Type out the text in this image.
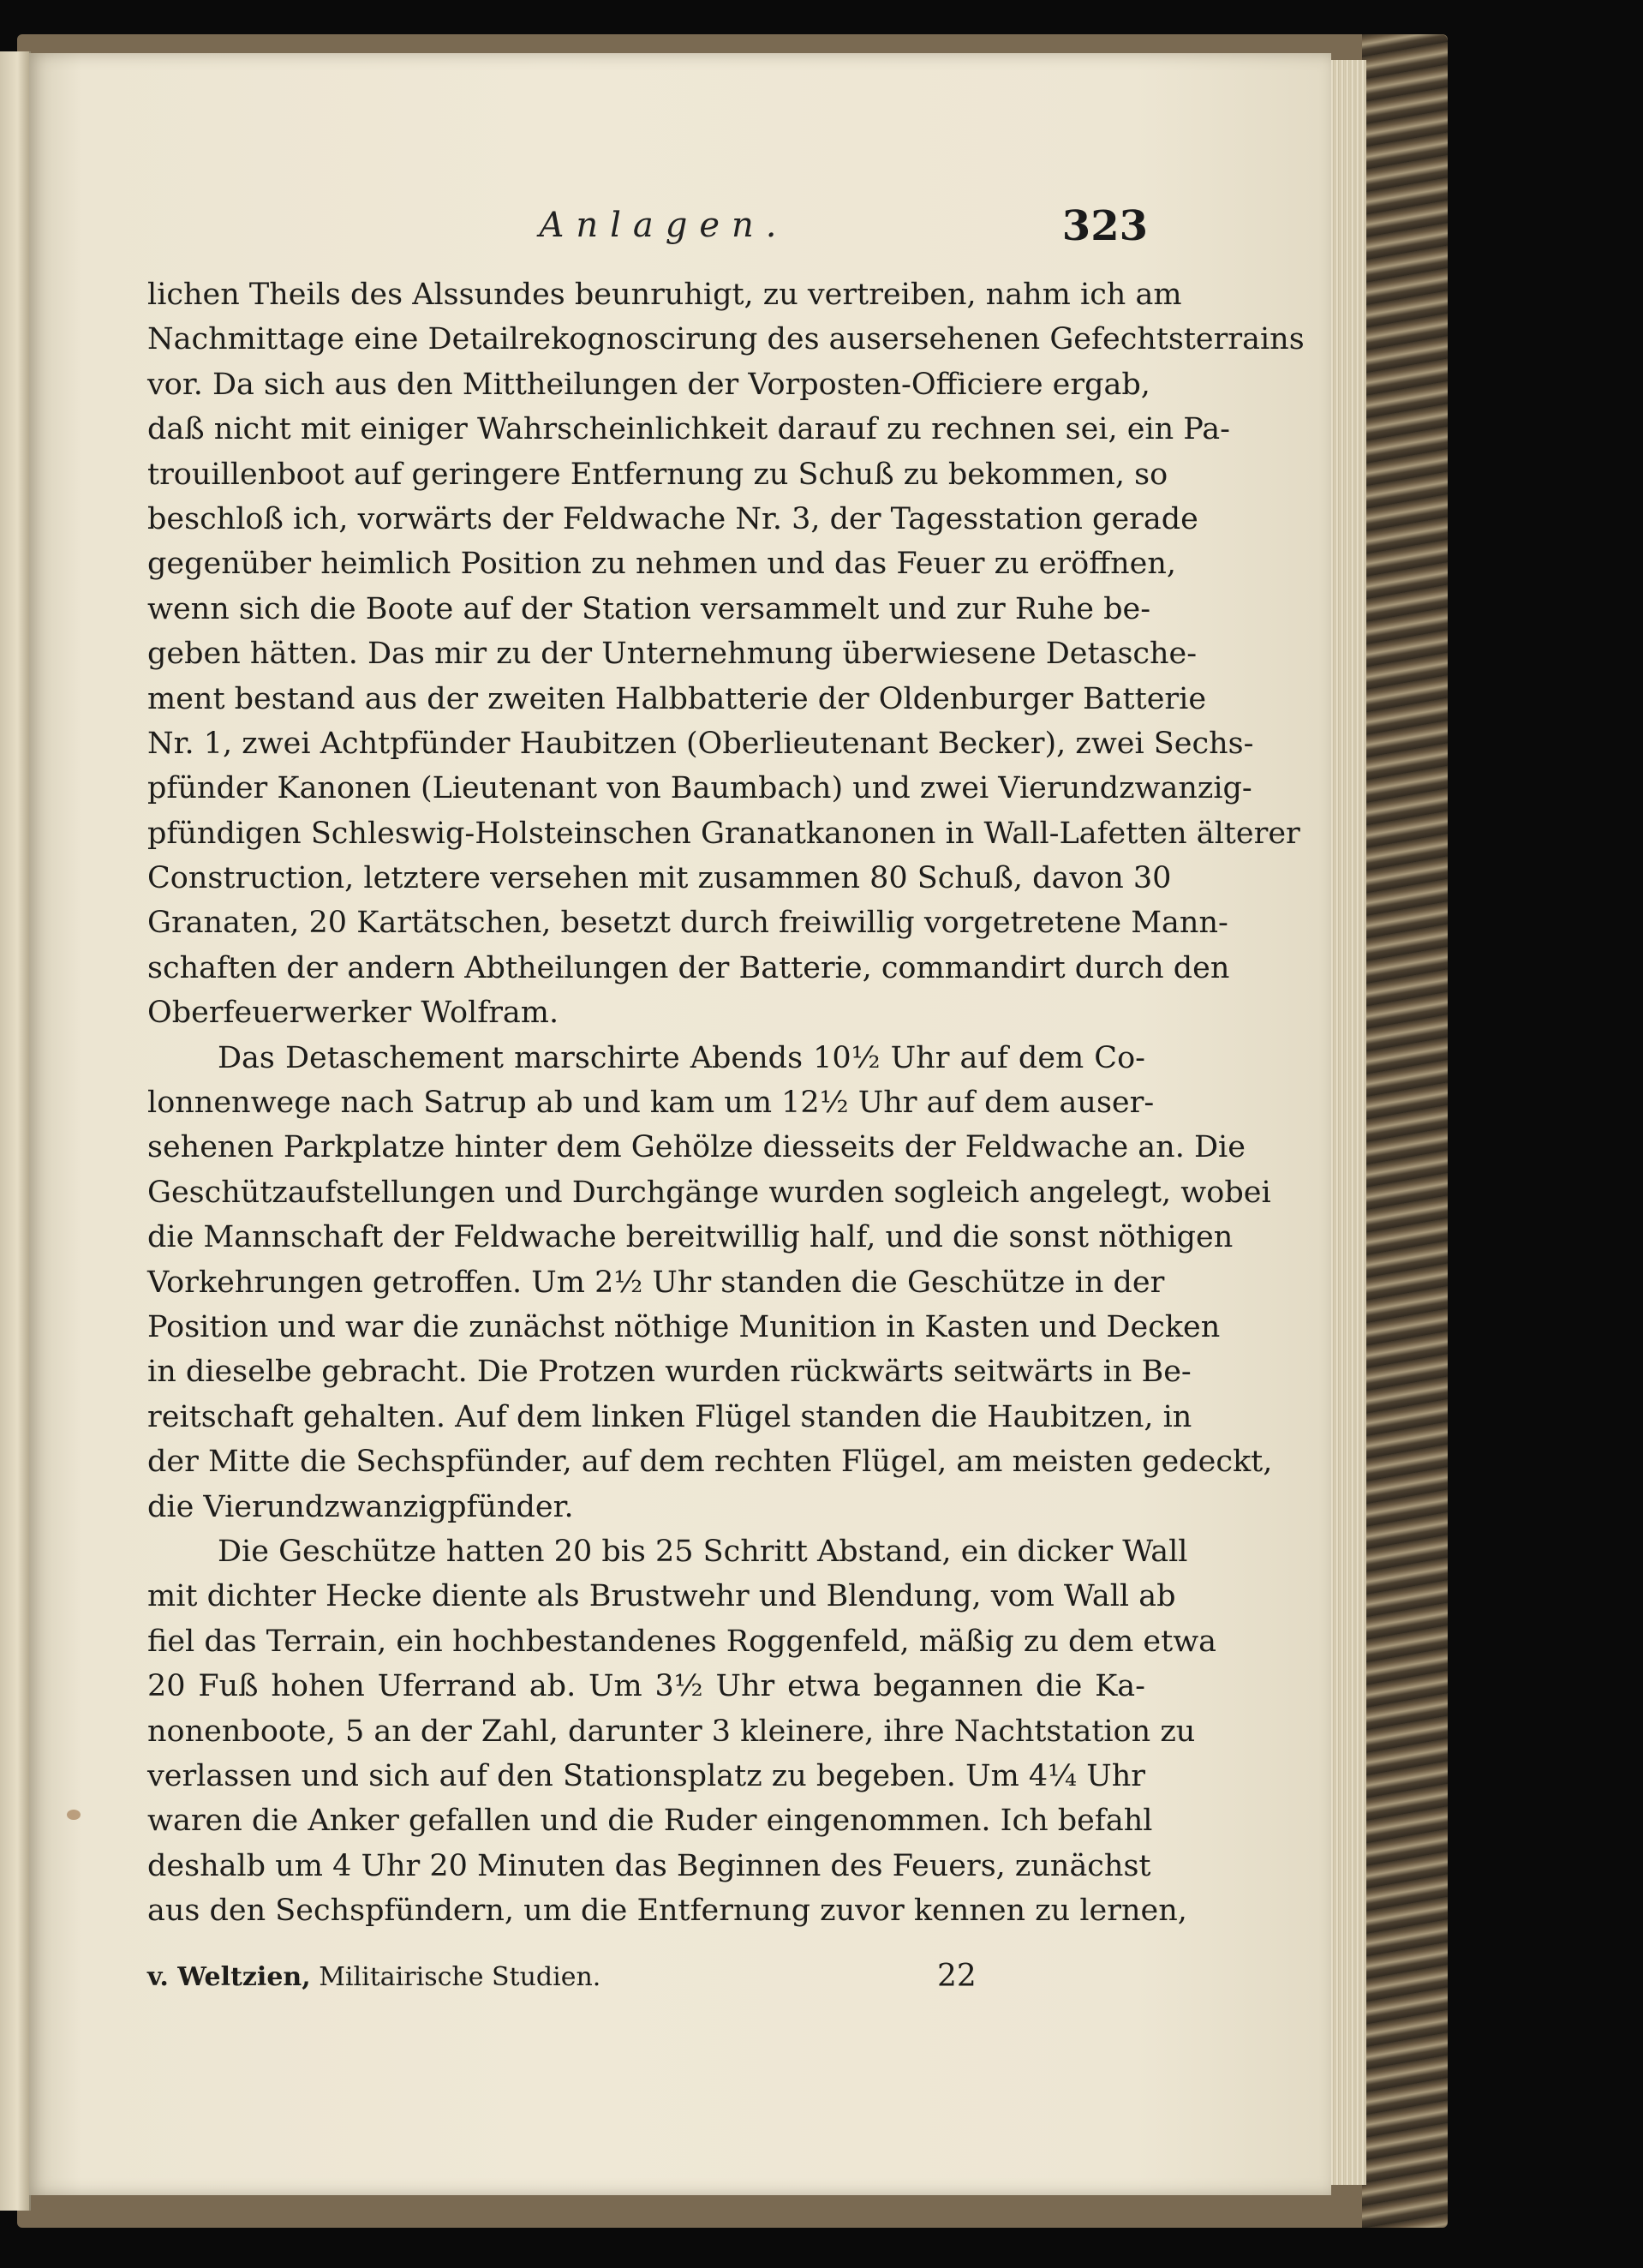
Anlagen.	323
lichen Theils des Alssundes beunruhigt, zu vertreiben, nahm ich am
Nachmittage eine Detailrekognoscirung des ausersehenen Gefechtsterrains
vor. Da sich aus den Mittheilungen der Vorposten-Officiere ergab,
daß nicht mit einiger Wahrscheinlichkeit darauf zu rechnen sei, ein Pa-
trouillenboot auf geringere Entfernung zu Schuß zu bekommen, so
beschloß ich, vorwärts der Feldwache Nr. 3, der Tagesstation gerade
gegenüber heimlich Position zu nehmen und das Feuer zu eröffnen,
wenn sich die Boote auf der Station versammelt und zur Ruhe be-
geben hätten. Das mir zu der Unternehmung überwiesene Detasche-
ment bestand aus der zweiten Halbbatterie der Oldenburger Batterie
Nr. 1, zwei Achtpfünder Haubitzen (Oberlieutenant Becker), zwei Sechs-
pfünder Kanonen (Lieutenant von Baumbach) und zwei Vierundzwanzig-
pfündigen Schleswig-Holsteinschen Granatkanonen in Wall-Lafetten älterer
Construction, letztere versehen mit zusammen 80 Schuß, davon 30
Granaten, 20 Kartätschen, besetzt durch freiwillig vorgetretene Mann-
schaften der andern Abtheilungen der Batterie, commandirt durch den
Oberfeuerwerker Wolfram.
Das Detaschement marschirte Abends 10½ Uhr auf dem Co-
lonnenwege nach Satrup ab und kam um 12½ Uhr auf dem auser-
sehenen Parkplatze hinter dem Gehölze diesseits der Feldwache an. Die
Geschützaufstellungen und Durchgänge wurden sogleich angelegt, wobei
die Mannschaft der Feldwache bereitwillig half, und die sonst nöthigen
Vorkehrungen getroffen. Um 2½ Uhr standen die Geschütze in der
Position und war die zunächst nöthige Munition in Kasten und Decken
in dieselbe gebracht. Die Protzen wurden rückwärts seitwärts in Be-
reitschaft gehalten. Auf dem linken Flügel standen die Haubitzen, in
der Mitte die Sechspfünder, auf dem rechten Flügel, am meisten gedeckt,
die Vierundzwanzigpfünder.
Die Geschütze hatten 20 bis 25 Schritt Abstand, ein dicker Wall
mit dichter Hecke diente als Brustwehr und Blendung, vom Wall ab
fiel das Terrain, ein hochbestandenes Roggenfeld, mäßig zu dem etwa
20 Fuß hohen Uferrand ab. Um 3½ Uhr etwa begannen die Ka-
nonenboote, 5 an der Zahl, darunter 3 kleinere, ihre Nachtstation zu
verlassen und sich auf den Stationsplatz zu begeben. Um 4¼ Uhr
waren die Anker gefallen und die Ruder eingenommen. Ich befahl
deshalb um 4 Uhr 20 Minuten das Beginnen des Feuers, zunächst
aus den Sechspfündern, um die Entfernung zuvor kennen zu lernen,
v. Weltzien, Militairische Studien.	22
